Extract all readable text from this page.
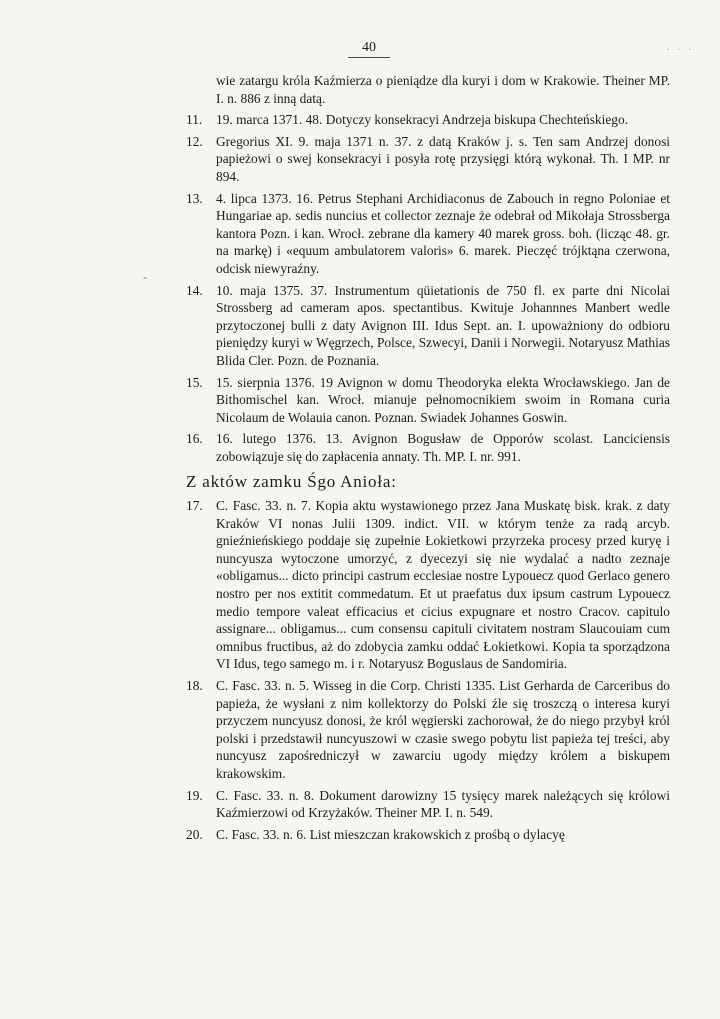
40	. . .
-
wie zatargu króla Kaźmierza o pieniądze dla kuryi i dom w Krakowie. Theiner MP. I. n. 886 z inną datą.
11.	19. marca 1371. 48. Dotyczy konsekracyi Andrzeja biskupa Chechteńskiego.
12. Gregorius XI. 9. maja 1371 n. 37. z datą Kraków j. s. Ten sam Andrzej donosi papieżowi o swej konsekracyi i posyła rotę przysięgi którą wykonał. Th. I MP. nr 894.
13. 4. lipca 1373. 16. Petrus Stephani Archidiaconus de Zabouch in regno Poloniae et Hungariae ap. sedis nuncius et collector zeznaje że odebrał od Mikołaja Strossberga kantora Pozn. i kan. Wrocł. zebrane dla kamery 40 marek gross. boh. (licząc 48. gr. na markę) i «equum ambulatorem valoris» 6. marek. Pieczęć trójktąna czerwona, odcisk niewyraźny.
14. 10. maja 1375. 37. Instrumentum qüietationis de 750 fl. ex parte dni Nicolai Strossberg ad cameram apos. spectantibus. Kwituje Johannnes Manbert wedle przytoczonej bulli z daty Avignon III. Idus Sept. an. I. upoważniony do odbioru pieniędzy kuryi w Węgrzech, Polsce, Szwecyi, Danii i Norwegii. Notaryusz Mathias Blida Cler. Pozn. de Poznania.
15. 15. sierpnia 1376. 19 Avignon w domu Theodoryka elekta Wrocławskiego. Jan de Bithomischel kan. Wrocł. mianuje pełnomocnikiem swoim in Romana curia Nicolaum de Wolauia canon. Poznan. Swiadek Johannes Goswin.
16. 16. lutego 1376. 13. Avignon Bogusław de Opporów scolast. Lanciciensis zobowiązuje się do zapłacenia annaty. Th. MP. I. nr. 991.
Z aktów zamku Śgo Anioła:
17. C. Fasc. 33. n. 7. Kopia aktu wystawionego przez Jana Muskatę bisk. krak. z daty Kraków VI nonas Julii 1309. indict. VII. w którym tenże za radą arcyb. gnieźnieńskiego poddaje się zupełnie Łokietkowi przyrzeka procesy przed kuryę i nuncyusza wytoczone umorzyć, z dyecezyi się nie wydalać a nadto zeznaje «obligamus... dicto principi castrum ecclesiae nostre Lypouecz quod Gerlaco genero nostro per nos extitit commedatum. Et ut praefatus dux ipsum castrum Lypouecz medio tempore valeat efficacius et cicius expugnare et nostro Cracov. capitulo assignare... obligamus... cum consensu capituli civitatem nostram Slaucouiam cum omnibus fructibus, aż do zdobycia zamku oddać Łokietkowi. Kopia ta sporządzona VI Idus, tego samego m. i r. Notaryusz Boguslaus de Sandomiria.
18. C. Fasc. 33. n. 5. Wisseg in die Corp. Christi 1335. List Gerharda de Carceribus do papieża, że wysłani z nim kollektorzy do Polski źle się troszczą o interesa kuryi przyczem nuncyusz donosi, że król węgierski zachorował, że do niego przybył król polski i przedstawił nuncyuszowi w czasie swego pobytu list papieża tej treści, aby nuncyusz zapośredniczył w zawarciu ugody między królem a biskupem krakowskim.
19. C. Fasc. 33. n. 8. Dokument darowizny 15 tysięcy marek należących się królowi Kaźmierzowi od Krzyżaków. Theiner MP. I. n. 549.
20. C. Fasc. 33. n. 6. List mieszczan krakowskich z prośbą o dylacyę
